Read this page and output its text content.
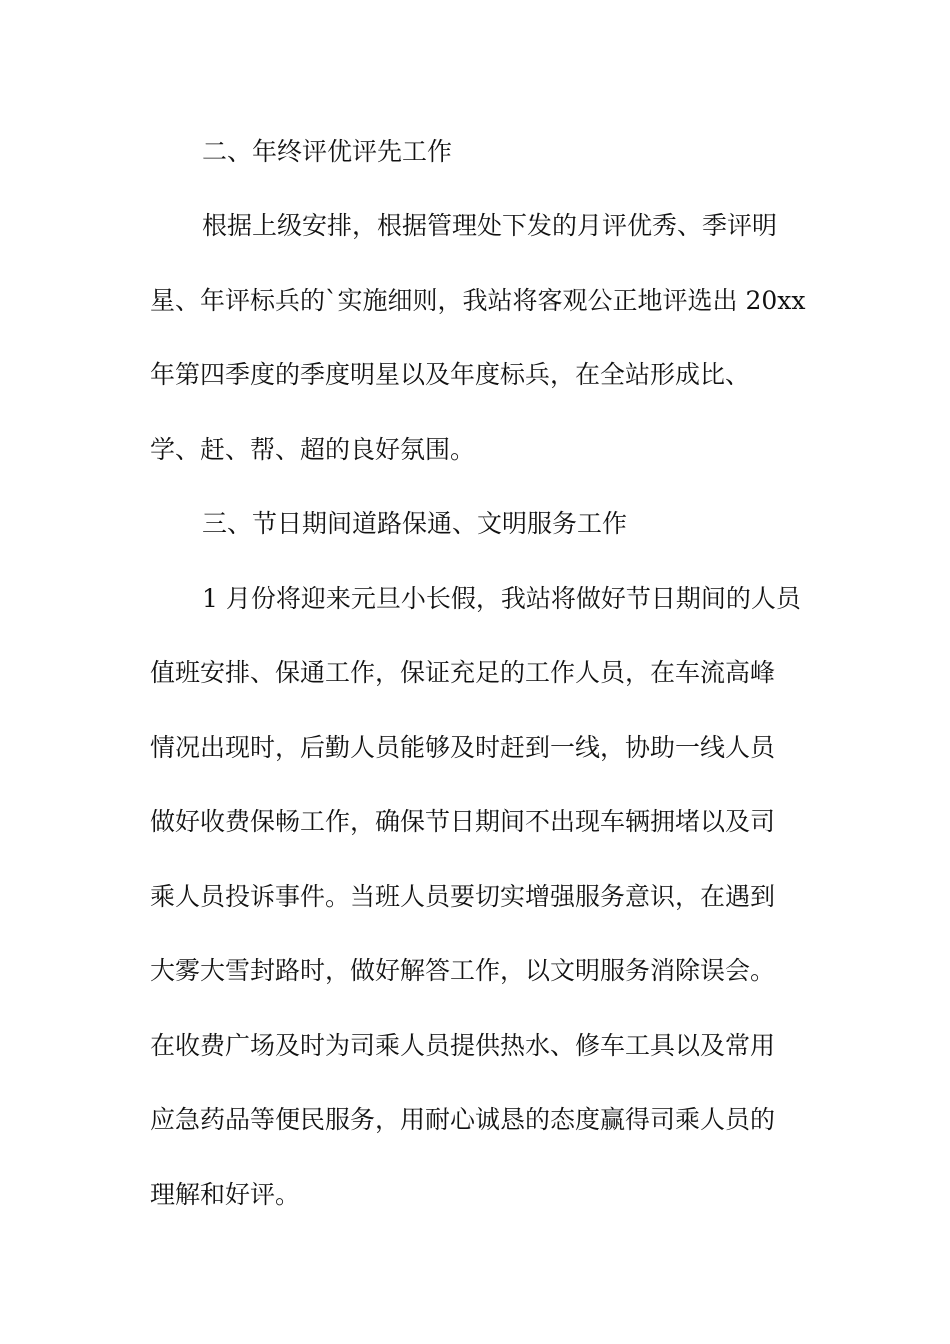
二、年终评优评先工作
根据上级安排，根据管理处下发的月评优秀、季评明
星、年评标兵的`实施细则，我站将客观公正地评选出 20xx
年第四季度的季度明星以及年度标兵，在全站形成比、
学、赶、帮、超的良好氛围。
三、节日期间道路保通、文明服务工作
1 月份将迎来元旦小长假，我站将做好节日期间的人员
值班安排、保通工作，保证充足的工作人员，在车流高峰
情况出现时，后勤人员能够及时赶到一线，协助一线人员
做好收费保畅工作，确保节日期间不出现车辆拥堵以及司
乘人员投诉事件。当班人员要切实增强服务意识，在遇到
大雾大雪封路时，做好解答工作，以文明服务消除误会。
在收费广场及时为司乘人员提供热水、修车工具以及常用
应急药品等便民服务，用耐心诚恳的态度赢得司乘人员的
理解和好评。
